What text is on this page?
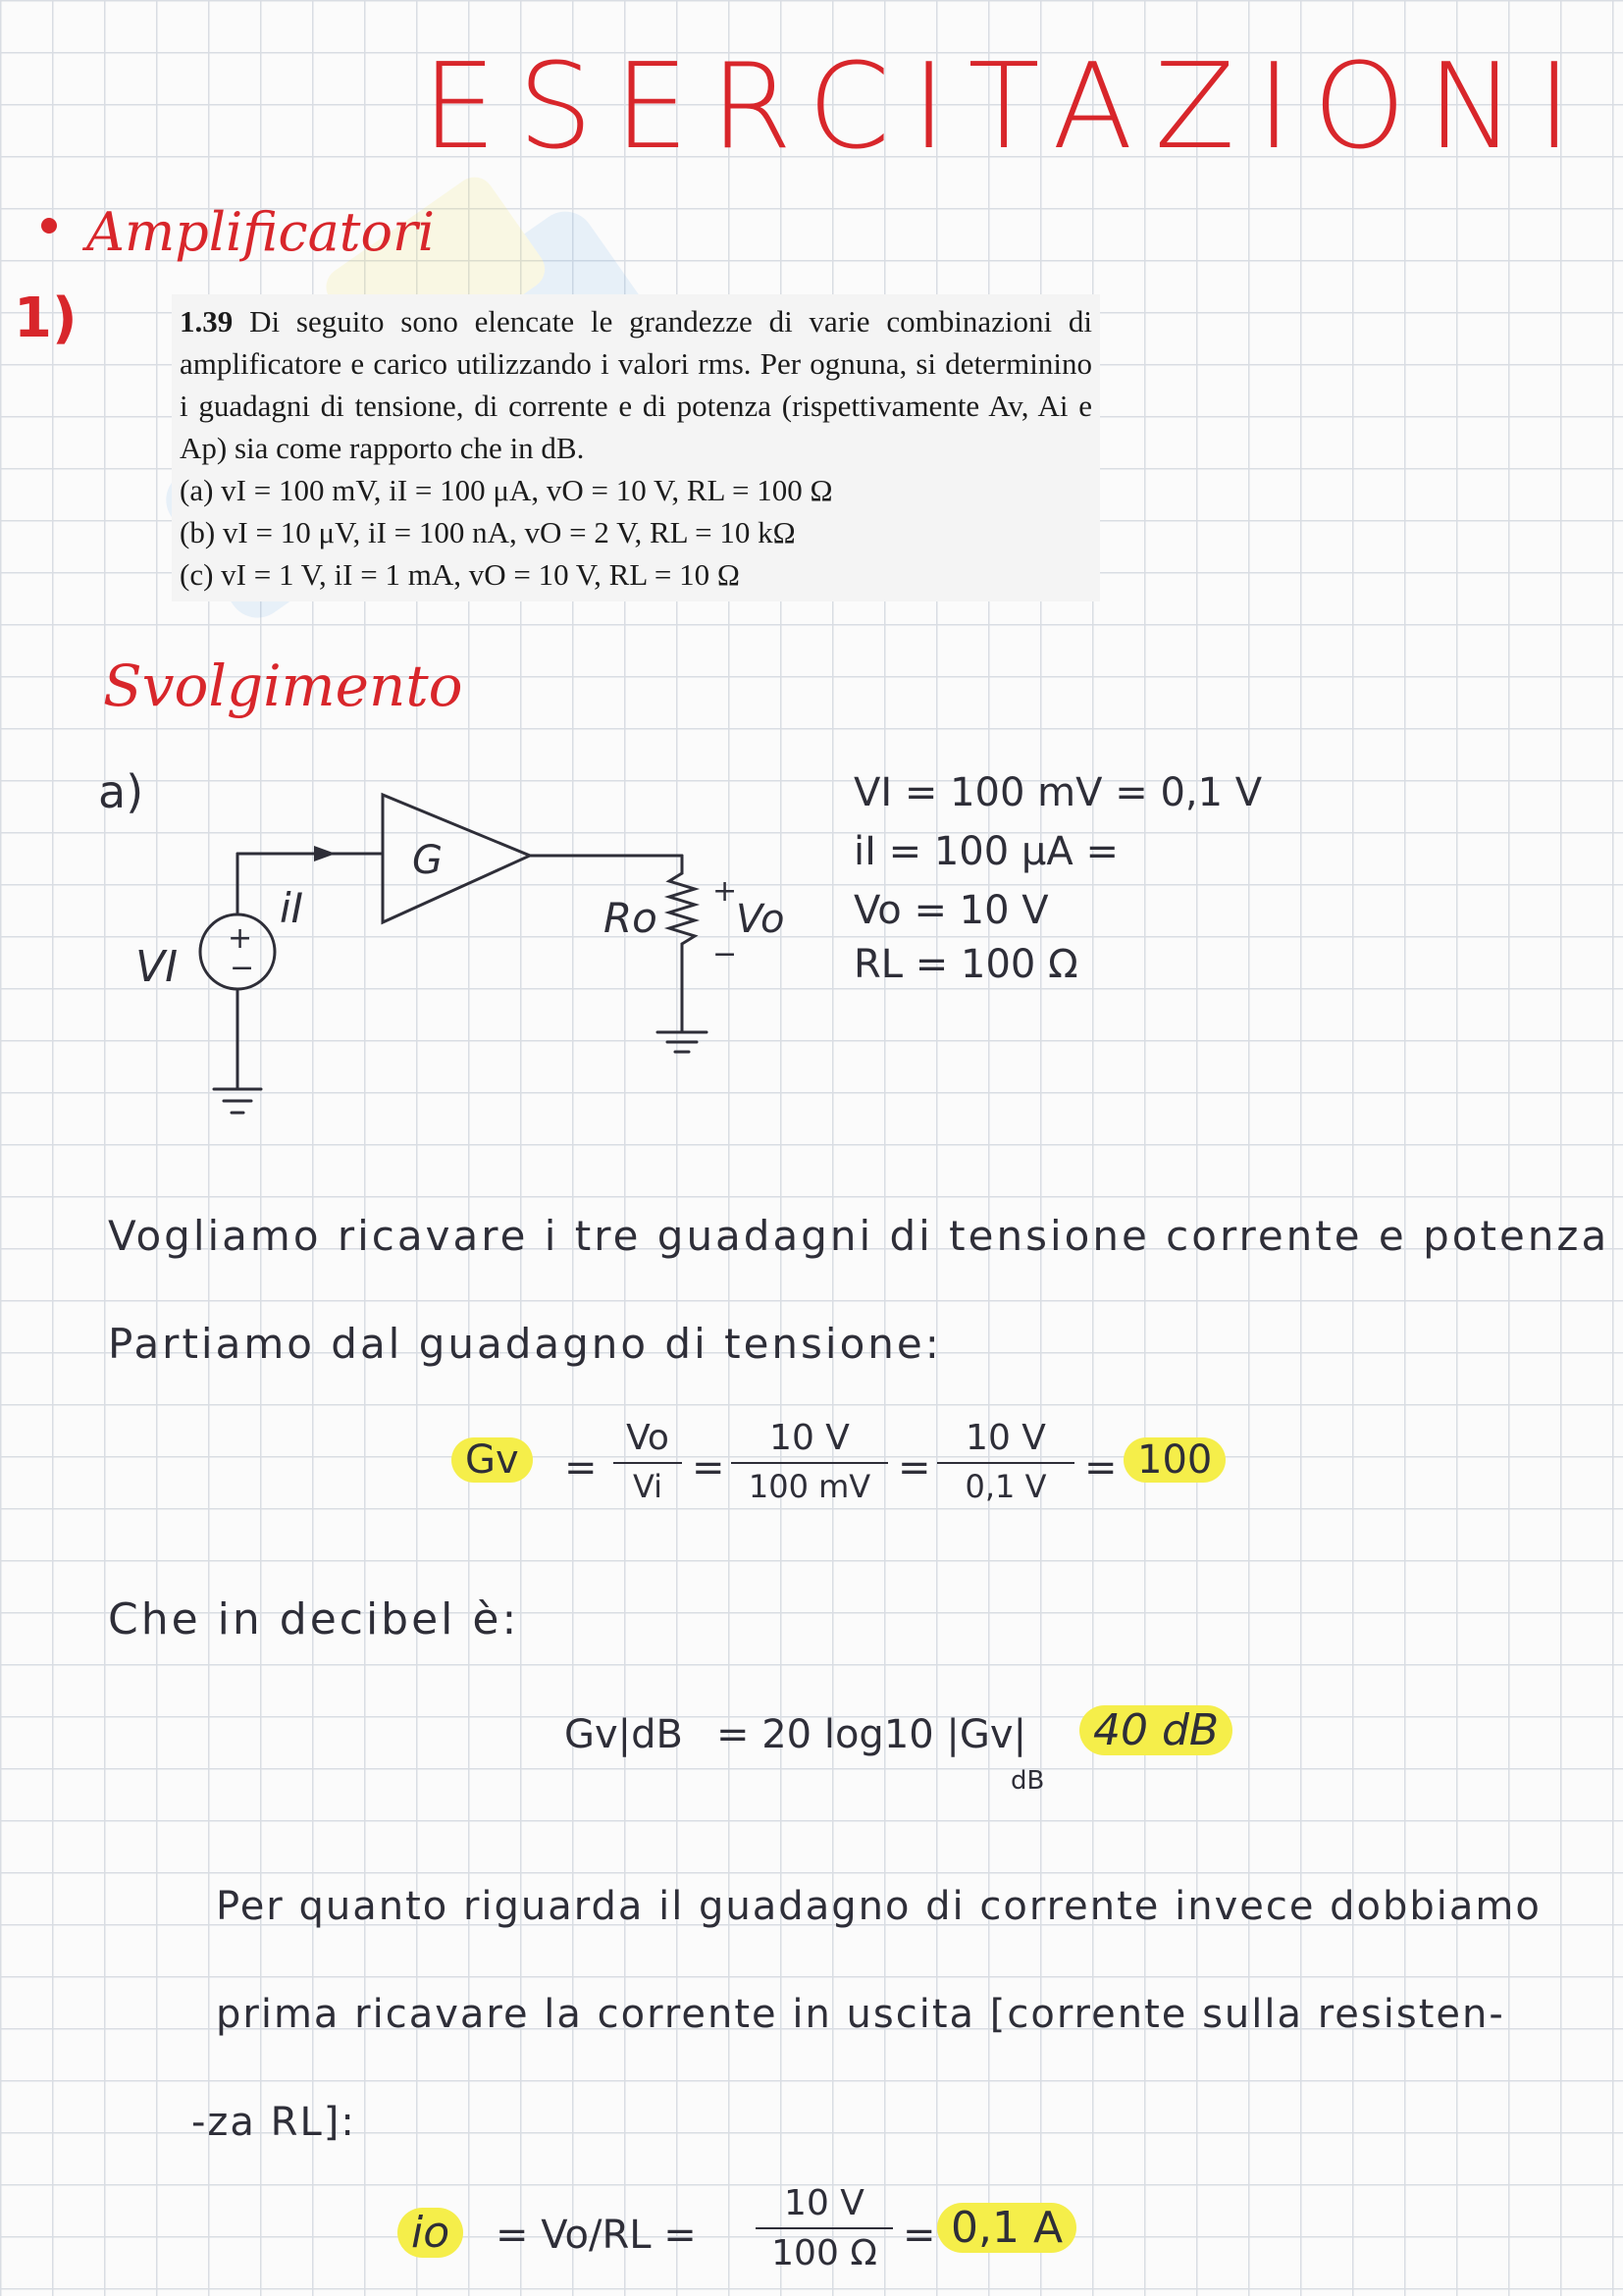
ESERCITAZIONI
Amplificatori
1)	1.39 Di seguito sono elencate le grandezze di varie combinazioni di amplificatore e carico utilizzando i valori rms. Per ognuna, si determinino i guadagni di tensione, di corrente e di potenza (rispettivamente Av, Ai e Ap) sia come rapporto che in dB.

(a) vI = 100 mV, iI = 100 μA, vO = 10 V, RL = 100 Ω
(b) vI = 10 μV, iI = 100 nA, vO = 2 V, RL = 10 kΩ
(c) vI = 1 V, iI = 1 mA, vO = 10 V, RL = 10 Ω
Svolgimento
a)
+
−
iI
VI
G
Ro
+
Vo
−
VI = 100 mV = 0,1 V
iI = 100 μA =
Vo = 10 V
RL = 100 Ω
Vogliamo ricavare i tre guadagni di tensione corrente e potenza
Partiamo dal guadagno di tensione:
Gv	=
Vo
Vi =
10 V
100 mV =
10 V
0,1 V = 100
Che in decibel è:
Gv|dB = 20 log10 |Gv|
dB
40 dB
Per quanto riguarda il guadagno di corrente invece dobbiamo
prima ricavare la corrente in uscita [corrente sulla resisten-
-za RL]:
io	= Vo/RL =
10 V
100 Ω = 0,1 A
